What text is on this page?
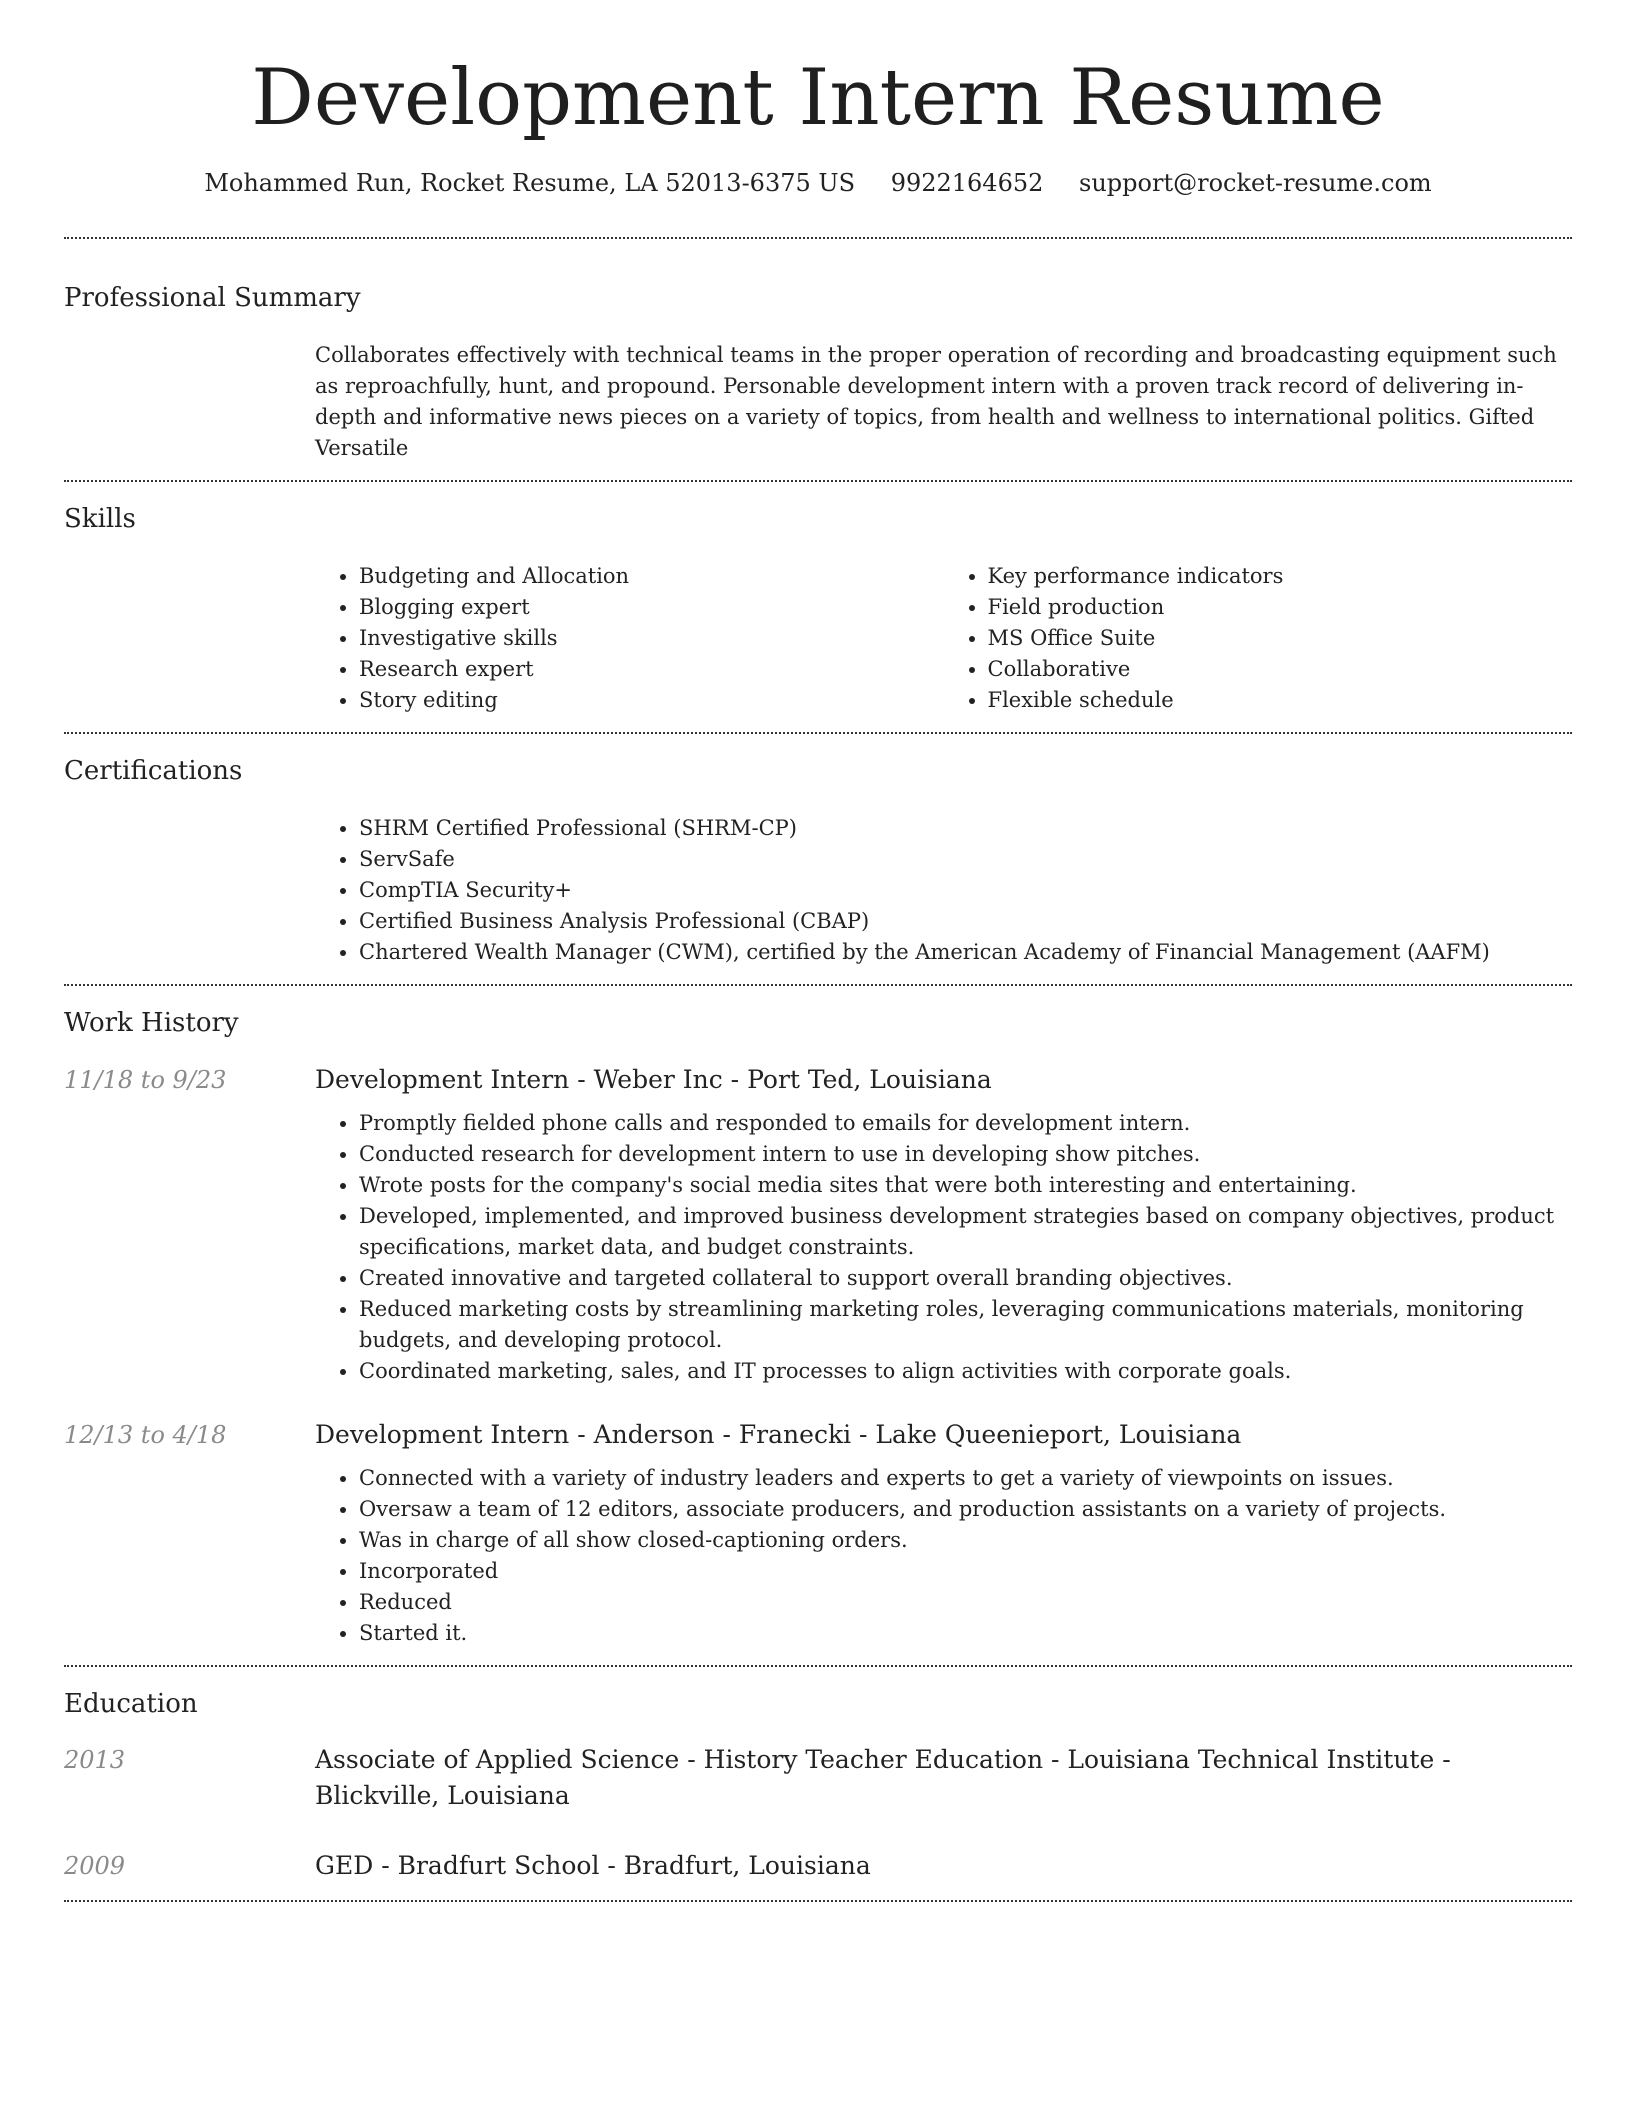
Development Intern Resume
Mohammed Run, Rocket Resume, LA 52013-6375 US 9922164652 support@rocket-resume.com
Professional Summary

Collaborates effectively with technical teams in the proper operation of recording and broadcasting equipment such as reproachfully, hunt, and propound. Personable development intern with a proven track record of delivering in-depth and informative news pieces on a variety of topics, from health and wellness to international politics. Gifted Versatile

Skills
• Budgeting and Allocation
• Blogging expert
• Investigative skills
• Research expert
• Story editing
• Key performance indicators
• Field production
• MS Office Suite
• Collaborative
• Flexible schedule
Certifications
• SHRM Certified Professional (SHRM-CP)
• ServSafe
• CompTIA Security+
• Certified Business Analysis Professional (CBAP)
• Chartered Wealth Manager (CWM), certified by the American Academy of Financial Management (AAFM)
Work History
11/18 to 9/23	Development Intern - Weber Inc - Port Ted, Louisiana
• Promptly fielded phone calls and responded to emails for development intern.
• Conducted research for development intern to use in developing show pitches.
• Wrote posts for the company's social media sites that were both interesting and entertaining.
• Developed, implemented, and improved business development strategies based on company objectives, product specifications, market data, and budget constraints.
• Created innovative and targeted collateral to support overall branding objectives.
• Reduced marketing costs by streamlining marketing roles, leveraging communications materials, monitoring budgets, and developing protocol.
• Coordinated marketing, sales, and IT processes to align activities with corporate goals.
12/13 to 4/18	Development Intern - Anderson - Franecki - Lake Queenieport, Louisiana
• Connected with a variety of industry leaders and experts to get a variety of viewpoints on issues.
• Oversaw a team of 12 editors, associate producers, and production assistants on a variety of projects.
• Was in charge of all show closed-captioning orders.
• Incorporated
• Reduced
• Started it.
Education
2013	Associate of Applied Science - History Teacher Education - Louisiana Technical Institute - Blickville, Louisiana
2009	GED - Bradfurt School - Bradfurt, Louisiana
